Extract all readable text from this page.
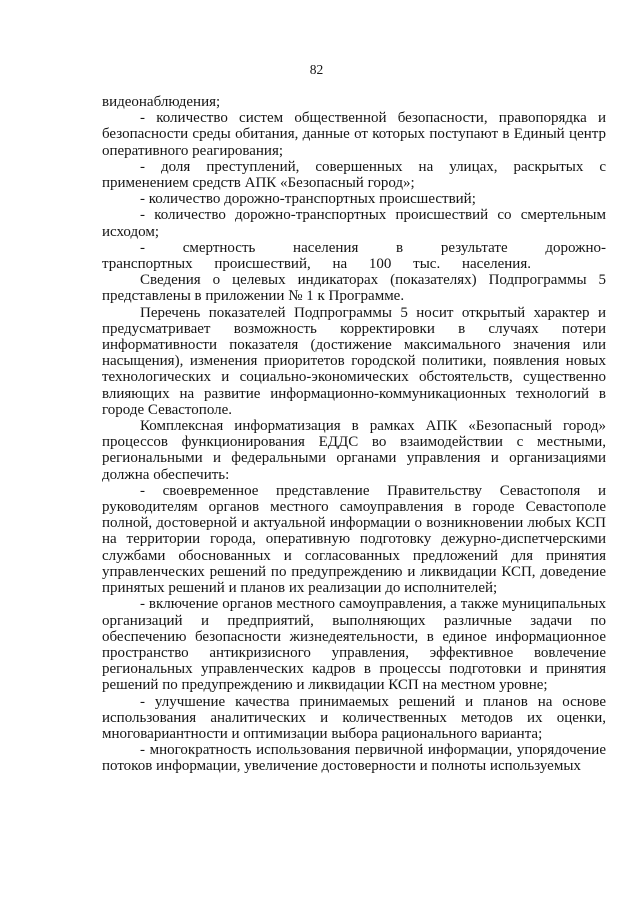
82

видеонаблюдения;

- количество систем общественной безопасности, правопорядка и безопасности среды обитания, данные от которых поступают в Единый центр оперативного реагирования;

- доля преступлений, совершенных на улицах, раскрытых с применением средств АПК «Безопасный город»;

- количество дорожно-транспортных происшествий;

- количество дорожно-транспортных происшествий со смертельным исходом;

- смертность населения в результате дорожно-транспортных происшествий, на 100 тыс. населения.

Сведения о целевых индикаторах (показателях) Подпрограммы 5 представлены в приложении № 1 к Программе.

Перечень показателей Подпрограммы 5 носит открытый характер и предусматривает возможность корректировки в случаях потери информативности показателя (достижение максимального значения или насыщения), изменения приоритетов городской политики, появления новых технологических и социально-экономических обстоятельств, существенно влияющих на развитие информационно-коммуникационных технологий в городе Севастополе.

Комплексная информатизация в рамках АПК «Безопасный город» процессов функционирования ЕДДС во взаимодействии с местными, региональными и федеральными органами управления и организациями должна обеспечить:

- своевременное представление Правительству Севастополя и руководителям органов местного самоуправления в городе Севастополе полной, достоверной и актуальной информации о возникновении любых КСП на территории города, оперативную подготовку дежурно-диспетчерскими службами обоснованных и согласованных предложений для принятия управленческих решений по предупреждению и ликвидации КСП, доведение принятых решений и планов их реализации до исполнителей;

- включение органов местного самоуправления, а также муниципальных организаций и предприятий, выполняющих различные задачи по обеспечению безопасности жизнедеятельности, в единое информационное пространство антикризисного управления, эффективное вовлечение региональных управленческих кадров в процессы подготовки и принятия решений по предупреждению и ликвидации КСП на местном уровне;

- улучшение качества принимаемых решений и планов на основе использования аналитических и количественных методов их оценки, многовариантности и оптимизации выбора рационального варианта;

- многократность использования первичной информации, упорядочение потоков информации, увеличение достоверности и полноты используемых
